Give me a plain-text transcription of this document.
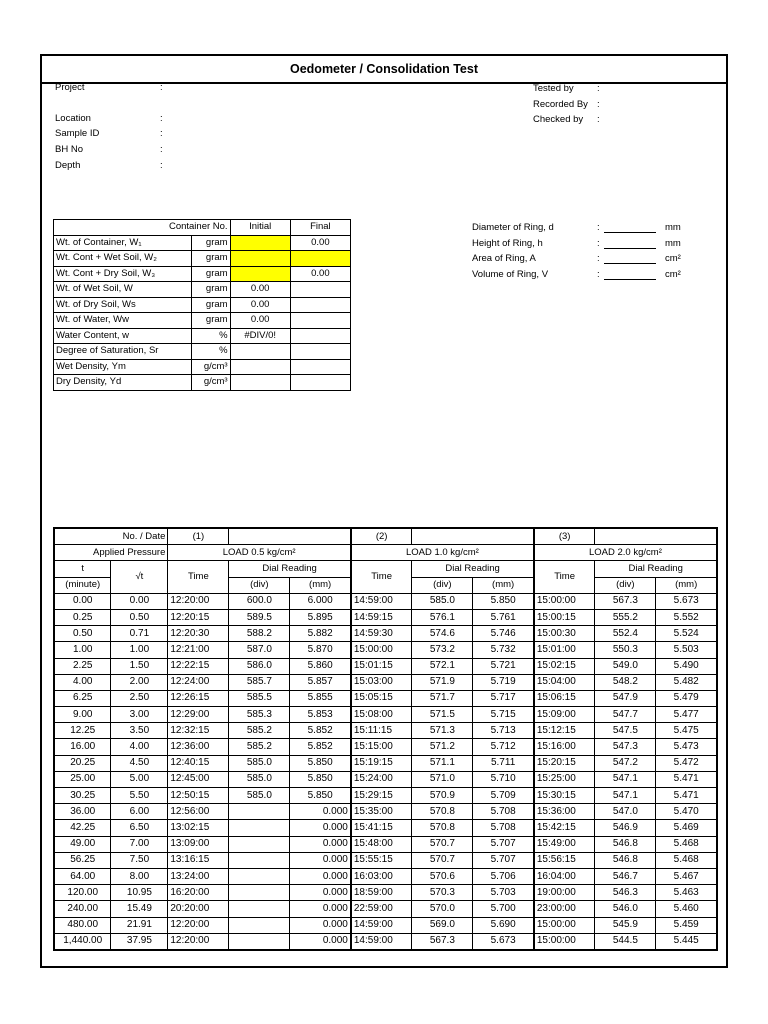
Oedometer / Consolidation Test
Container No.		Initial	Final
Wt. of Container, W₁	gram		0.00
Wt. Cont + Wet Soil, W₂	gram		
Wt. Cont + Dry Soil, W₃	gram		0.00
Wt. of Wet Soil, W	gram	0.00	
Wt. of Dry Soil, Ws	gram	0.00	
Wt. of Water, Ww	gram	0.00	
Water Content, w	%	#DIV/0!	
Degree of Saturation, Sr	%		
Wet Density, Υm	g/cm³		
Dry Density, Υd	g/cm³		
No. / Date		(1)			(2)			(3)		
Applied Pressure		LOAD 0.5 kg/cm²			LOAD 1.0 kg/cm²			LOAD 2.0 kg/cm²		
t	√t	Time	Dial Reading		Time	Dial Reading		Time	Dial Reading	
(minute)			(div)	(mm)		(div)	(mm)		(div)	(mm)
0.00	0.00	12:20:00	600.0	6.000	14:59:00	585.0	5.850	15:00:00	567.3	5.673
0.25	0.50	12:20:15	589.5	5.895	14:59:15	576.1	5.761	15:00:15	555.2	5.552
0.50	0.71	12:20:30	588.2	5.882	14:59:30	574.6	5.746	15:00:30	552.4	5.524
1.00	1.00	12:21:00	587.0	5.870	15:00:00	573.2	5.732	15:01:00	550.3	5.503
2.25	1.50	12:22:15	586.0	5.860	15:01:15	572.1	5.721	15:02:15	549.0	5.490
4.00	2.00	12:24:00	585.7	5.857	15:03:00	571.9	5.719	15:04:00	548.2	5.482
6.25	2.50	12:26:15	585.5	5.855	15:05:15	571.7	5.717	15:06:15	547.9	5.479
9.00	3.00	12:29:00	585.3	5.853	15:08:00	571.5	5.715	15:09:00	547.7	5.477
12.25	3.50	12:32:15	585.2	5.852	15:11:15	571.3	5.713	15:12:15	547.5	5.475
16.00	4.00	12:36:00	585.2	5.852	15:15:00	571.2	5.712	15:16:00	547.3	5.473
20.25	4.50	12:40:15	585.0	5.850	15:19:15	571.1	5.711	15:20:15	547.2	5.472
25.00	5.00	12:45:00	585.0	5.850	15:24:00	571.0	5.710	15:25:00	547.1	5.471
30.25	5.50	12:50:15	585.0	5.850	15:29:15	570.9	5.709	15:30:15	547.1	5.471
36.00	6.00	12:56:00		0.000	15:35:00	570.8	5.708	15:36:00	547.0	5.470
42.25	6.50	13:02:15		0.000	15:41:15	570.8	5.708	15:42:15	546.9	5.469
49.00	7.00	13:09:00		0.000	15:48:00	570.7	5.707	15:49:00	546.8	5.468
56.25	7.50	13:16:15		0.000	15:55:15	570.7	5.707	15:56:15	546.8	5.468
64.00	8.00	13:24:00		0.000	16:03:00	570.6	5.706	16:04:00	546.7	5.467
120.00	10.95	16:20:00		0.000	18:59:00	570.3	5.703	19:00:00	546.3	5.463
240.00	15.49	20:20:00		0.000	22:59:00	570.0	5.700	23:00:00	546.0	5.460
480.00	21.91	12:20:00		0.000	14:59:00	569.0	5.690	15:00:00	545.9	5.459
1,440.00	37.95	12:20:00		0.000	14:59:00	567.3	5.673	15:00:00	544.5	5.445
Project	:
Location	:
Sample ID	:
BH No	:
Depth	:
Tested by :
Recorded By :
Checked by :
Diameter of Ring, d	:	mm
Height of Ring, h	:	mm
Area of Ring, A	:	cm²
Volume of Ring, V	:	cm²
